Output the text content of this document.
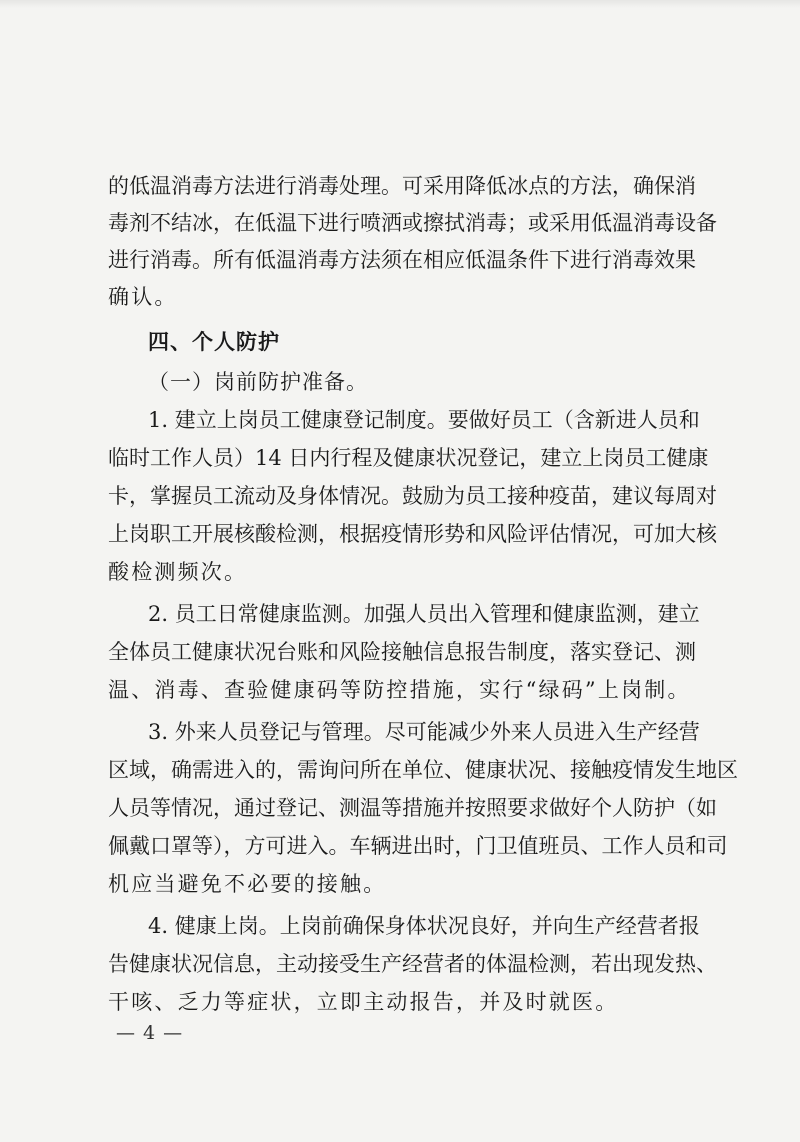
的低温消毒方法进行消毒处理。可采用降低冰点的方法，确保消
毒剂不结冰，在低温下进行喷洒或擦拭消毒；或采用低温消毒设备
进行消毒。所有低温消毒方法须在相应低温条件下进行消毒效果
确认。
四、个人防护
（一）岗前防护准备。
1. 建立上岗员工健康登记制度。要做好员工（含新进人员和
临时工作人员）14 日内行程及健康状况登记，建立上岗员工健康
卡，掌握员工流动及身体情况。鼓励为员工接种疫苗，建议每周对
上岗职工开展核酸检测，根据疫情形势和风险评估情况，可加大核
酸检测频次。
2. 员工日常健康监测。加强人员出入管理和健康监测，建立
全体员工健康状况台账和风险接触信息报告制度，落实登记、测
温、消毒、查验健康码等防控措施，实行“绿码”上岗制。
3. 外来人员登记与管理。尽可能减少外来人员进入生产经营
区域，确需进入的，需询问所在单位、健康状况、接触疫情发生地区
人员等情况，通过登记、测温等措施并按照要求做好个人防护（如
佩戴口罩等），方可进入。车辆进出时，门卫值班员、工作人员和司
机应当避免不必要的接触。
4. 健康上岗。上岗前确保身体状况良好，并向生产经营者报
告健康状况信息，主动接受生产经营者的体温检测，若出现发热、
干咳、乏力等症状，立即主动报告，并及时就医。
— 4 —
